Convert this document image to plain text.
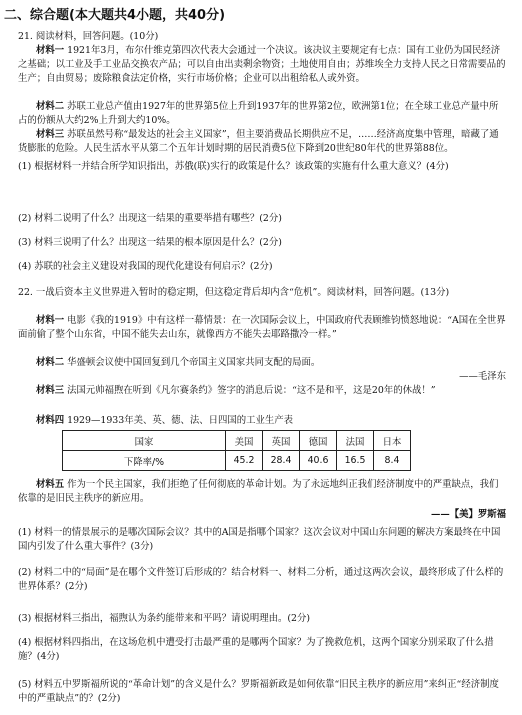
二、综合题(本大题共4小题，共40分)
21. 阅读材料，回答问题。(10分)
材料一 1921年3月，布尔什维克第四次代表大会通过一个决议。该决议主要规定有七点：国有工业仍为国民经济之基础；以工业及手工业品交换农产品；可以自由出卖剩余物资；土地使用自由；苏维埃全力支持人民之日常需要品的生产；自由贸易；废除粮食法定价格，实行市场价格；企业可以出租给私人或外资。
材料二 苏联工业总产值由1927年的世界第5位上升到1937年的世界第2位，欧洲第1位；在全球工业总产量中所占的份额从大约2%上升到大约10%。
材料三 苏联虽然号称“最发达的社会主义国家”，但主要消费品长期供应不足，……经济高度集中管理，暗藏了通货膨胀的危险。人民生活水平从第二个五年计划时期的居民消费5位下降到20世纪80年代的世界第88位。
(1) 根据材料一并结合所学知识指出，苏俄(联)实行的政策是什么？该政策的实施有什么重大意义？(4分)
(2) 材料二说明了什么？出现这一结果的重要举措有哪些？(2分)
(3) 材料三说明了什么？出现这一结果的根本原因是什么？(2分)
(4) 苏联的社会主义建设对我国的现代化建设有何启示？(2分)
22. 一战后资本主义世界进入暂时的稳定期，但这稳定背后却内含“危机”。阅读材料，回答问题。(13分)
材料一 电影《我的1919》中有这样一幕情景：在一次国际会议上，中国政府代表顾维钧愤怒地说：“A国在全世界面前偷了整个山东省，中国不能失去山东，就像西方不能失去耶路撒冷一样。”
材料二 华盛顿会议使中国回复到几个帝国主义国家共同支配的局面。
——毛泽东
材料三 法国元帅福煦在听到《凡尔赛条约》签字的消息后说：“这不是和平，这是20年的休战！”
材料四 1929—1933年美、英、德、法、日四国的工业生产表
国家	美国	英国	德国	法国	日本
下降率/%	45.2	28.4	40.6	16.5	8.4
材料五 作为一个民主国家，我们拒绝了任何彻底的革命计划。为了永远地纠正我们经济制度中的严重缺点，我们依靠的是旧民主秩序的新应用。
——【美】罗斯福
(1) 材料一的情景展示的是哪次国际会议？其中的A国是指哪个国家？这次会议对中国山东问题的解决方案最终在中国国内引发了什么重大事件？(3分)
(2) 材料二中的“局面”是在哪个文件签订后形成的？结合材料一、材料二分析，通过这两次会议，最终形成了什么样的世界体系？(2分)
(3) 根据材料三指出，福煦认为条约能带来和平吗？请说明理由。(2分)
(4) 根据材料四指出，在这场危机中遭受打击最严重的是哪两个国家？为了挽救危机，这两个国家分别采取了什么措施？(4分)
(5) 材料五中罗斯福所说的“革命计划”的含义是什么？罗斯福新政是如何依靠“旧民主秩序的新应用”来纠正“经济制度中的严重缺点”的？(2分)
